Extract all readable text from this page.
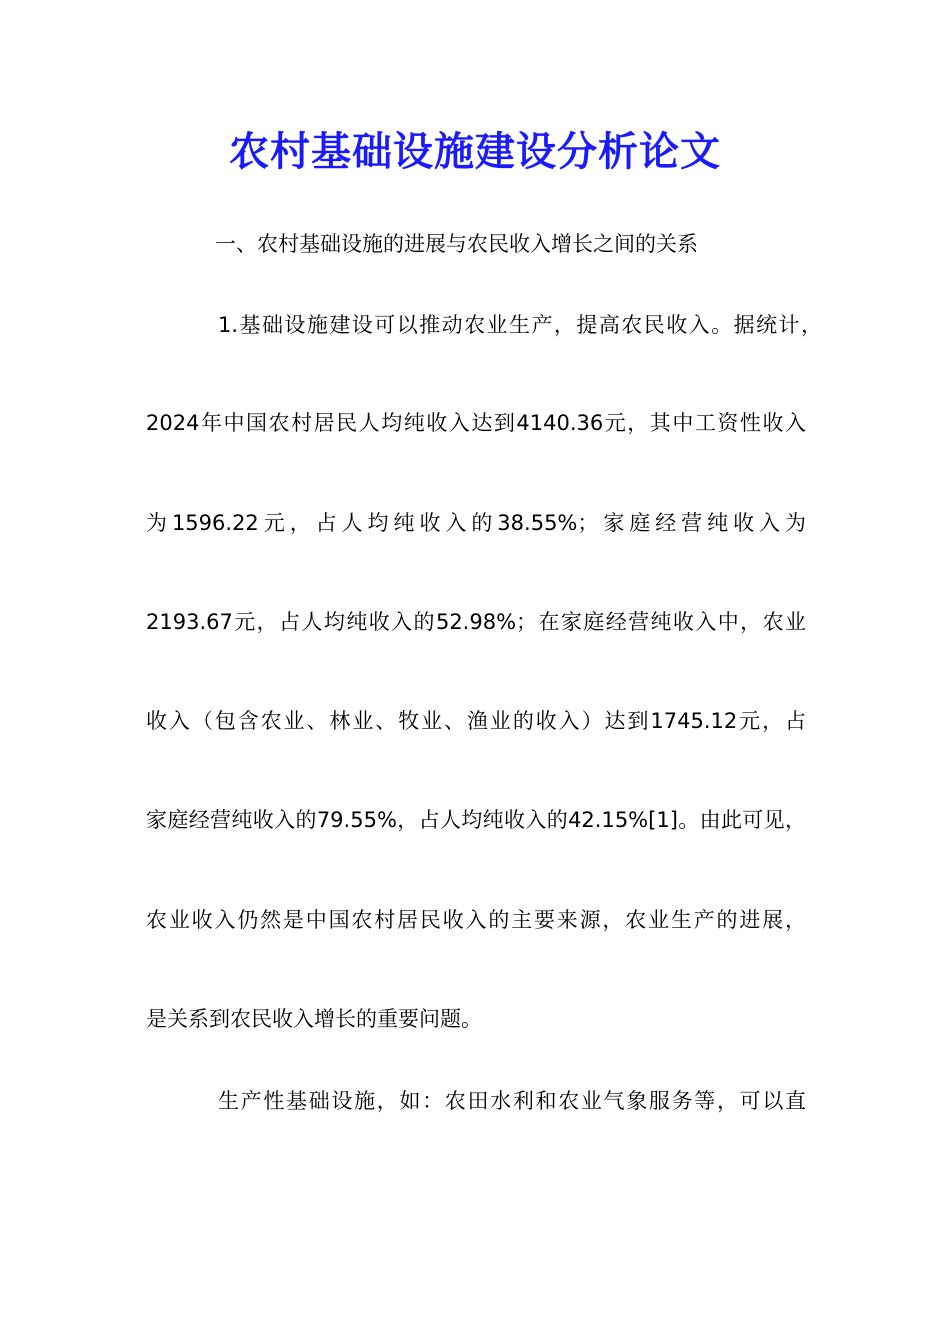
农村基础设施建设分析论文
一、农村基础设施的进展与农民收入增长之间的关系
1.基础设施建设可以推动农业生产，提高农民收入。据统计，
2024年中国农村居民人均纯收入达到4140.36元，其中工资性收入
为1596.22元，占人均纯收入的38.55%；家庭经营纯收入为
2193.67元，占人均纯收入的52.98%；在家庭经营纯收入中，农业
收入（包含农业、林业、牧业、渔业的收入）达到1745.12元，占
家庭经营纯收入的79.55%，占人均纯收入的42.15%[1]。由此可见，
农业收入仍然是中国农村居民收入的主要来源，农业生产的进展，
是关系到农民收入增长的重要问题。
生产性基础设施，如：农田水利和农业气象服务等，可以直
